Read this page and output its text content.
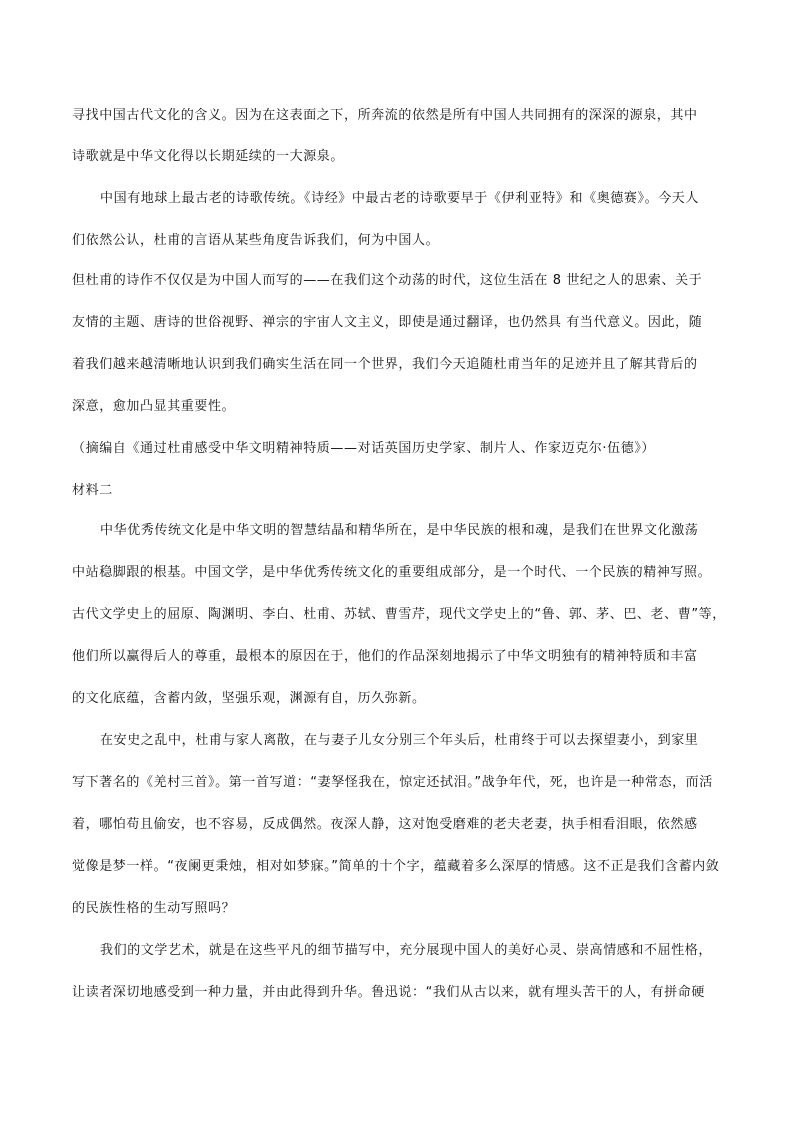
寻找中国古代文化的含义。因为在这表面之下，所奔流的依然是所有中国人共同拥有的深深的源泉，其中
诗歌就是中华文化得以长期延续的一大源泉。
中国有地球上最古老的诗歌传统。《诗经》中最古老的诗歌要早于《伊利亚特》和《奥德赛》。今天人
们依然公认，杜甫的言语从某些角度告诉我们，何为中国人。
但杜甫的诗作不仅仅是为中国人而写的——在我们这个动荡的时代，这位生活在 8 世纪之人的思索、关于
友情的主题、唐诗的世俗视野、禅宗的宇宙人文主义，即使是通过翻译，也仍然具 有当代意义。因此，随
着我们越来越清晰地认识到我们确实生活在同一个世界，我们今天追随杜甫当年的足迹并且了解其背后的
深意，愈加凸显其重要性。
（摘编自《通过杜甫感受中华文明精神特质——对话英国历史学家、制片人、作家迈克尔·伍德》）
材料二
中华优秀传统文化是中华文明的智慧结晶和精华所在，是中华民族的根和魂，是我们在世界文化激荡
中站稳脚跟的根基。中国文学，是中华优秀传统文化的重要组成部分，是一个时代、一个民族的精神写照。
古代文学史上的屈原、陶渊明、李白、杜甫、苏轼、曹雪芹，现代文学史上的“鲁、郭、茅、巴、老、曹”等，
他们所以赢得后人的尊重，最根本的原因在于，他们的作品深刻地揭示了中华文明独有的精神特质和丰富
的文化底蕴，含蓄内敛，坚强乐观，渊源有自，历久弥新。
在安史之乱中，杜甫与家人离散，在与妻子儿女分别三个年头后，杜甫终于可以去探望妻小，到家里
写下著名的《羌村三首》。第一首写道：“妻孥怪我在，惊定还拭泪。”战争年代，死，也许是一种常态，而活
着，哪怕苟且偷安，也不容易，反成偶然。夜深人静，这对饱受磨难的老夫老妻，执手相看泪眼，依然感
觉像是梦一样。“夜阑更秉烛，相对如梦寐。”简单的十个字，蕴藏着多么深厚的情感。这不正是我们含蓄内敛
的民族性格的生动写照吗？
我们的文学艺术，就是在这些平凡的细节描写中，充分展现中国人的美好心灵、崇高情感和不屈性格，
让读者深切地感受到一种力量，并由此得到升华。鲁迅说：“我们从古以来，就有埋头苦干的人，有拼命硬
